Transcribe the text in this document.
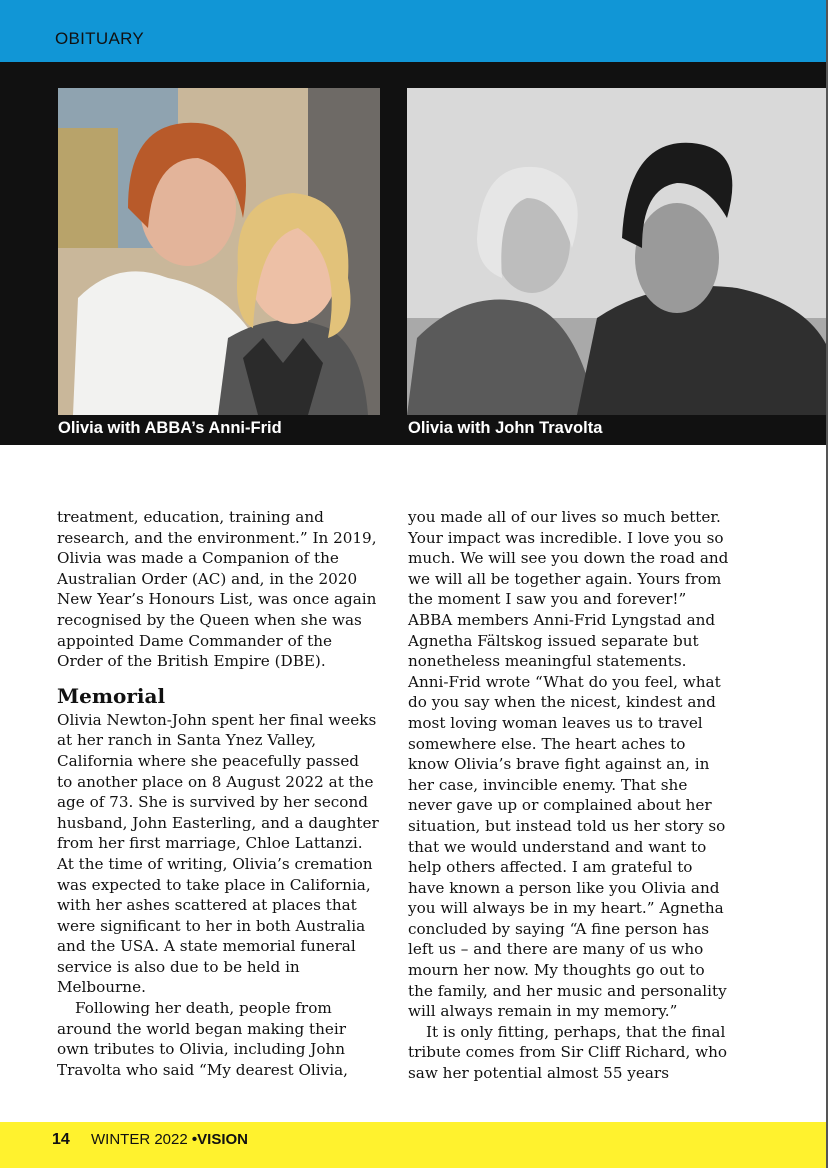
OBITUARY
Olivia with ABBA’s Anni-Frid	Olivia with John Travolta

treatment, education, training and research, and the environment.” In 2019, Olivia was made a Companion of the Australian Order (AC) and, in the 2020 New Year’s Honours List, was once again recognised by the Queen when she was appointed Dame Commander of the Order of the British Empire (DBE).

Memorial

Olivia Newton-John spent her final weeks at her ranch in Santa Ynez Valley, California where she peacefully passed to another place on 8 August 2022 at the age of 73. She is survived by her second husband, John Easterling, and a daughter from her first marriage, Chloe Lattanzi. At the time of writing, Olivia’s cremation was expected to take place in California, with her ashes scattered at places that were significant to her in both Australia and the USA. A state memorial funeral service is also due to be held in Melbourne.

Following her death, people from around the world began making their own tributes to Olivia, including John Travolta who said “My dearest Olivia,

you made all of our lives so much better. Your impact was incredible. I love you so much. We will see you down the road and we will all be together again. Yours from the moment I saw you and forever!” ABBA members Anni-Frid Lyngstad and Agnetha Fältskog issued separate but nonetheless meaningful statements. Anni-Frid wrote “What do you feel, what do you say when the nicest, kindest and most loving woman leaves us to travel somewhere else. The heart aches to know Olivia’s brave fight against an, in her case, invincible enemy. That she never gave up or complained about her situation, but instead told us her story so that we would understand and want to help others affected. I am grateful to have known a person like you Olivia and you will always be in my heart.” Agnetha concluded by saying “A fine person has left us – and there are many of us who mourn her now. My thoughts go out to the family, and her music and personality will always remain in my memory.”

It is only fitting, perhaps, that the final tribute comes from Sir Cliff Richard, who saw her potential almost 55 years

14 WINTER 2022 •VISION
